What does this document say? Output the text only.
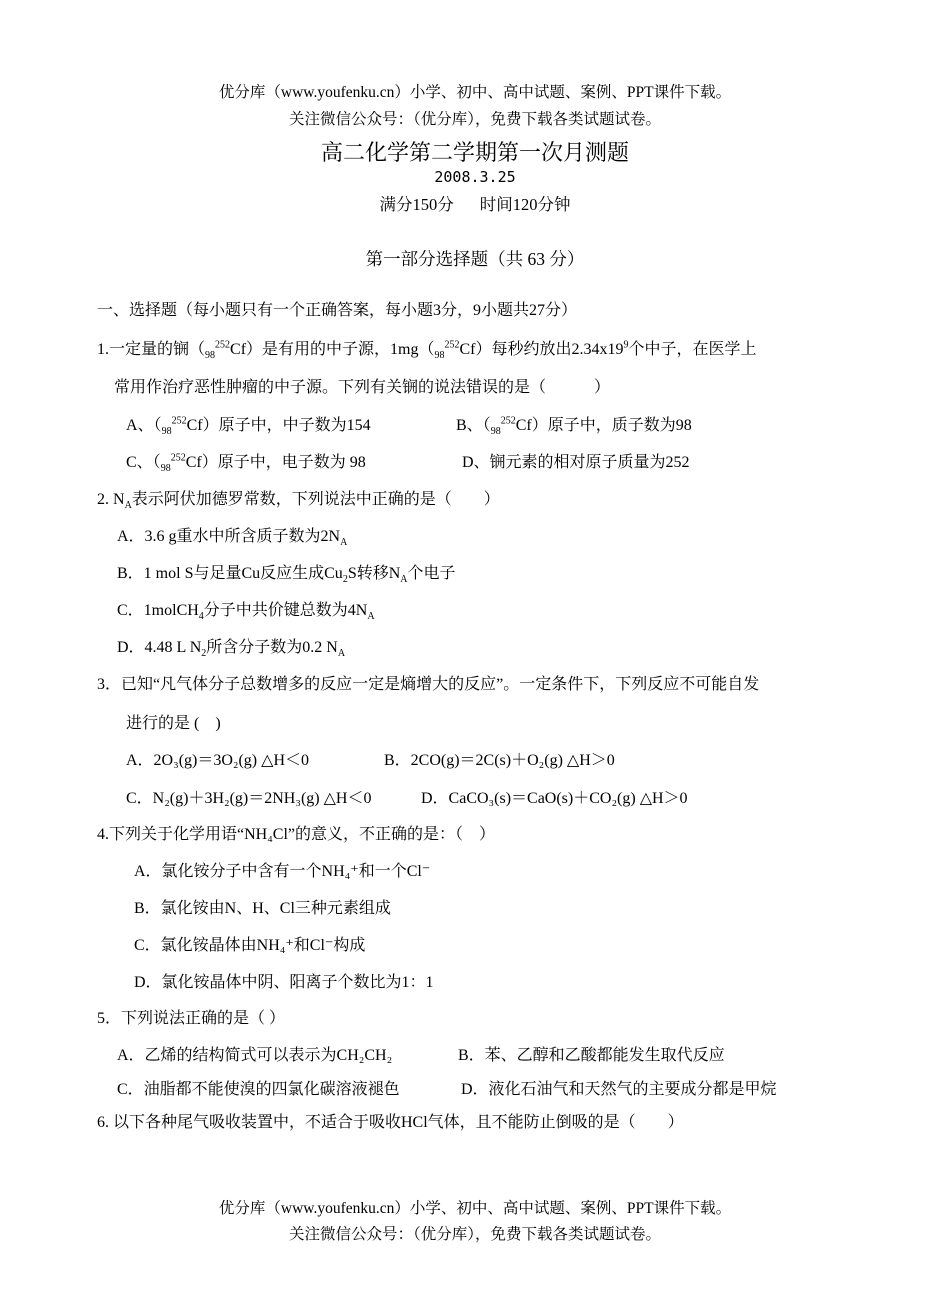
优分库（www.youfenku.cn）小学、初中、高中试题、案例、PPT课件下载。
关注微信公众号：（优分库），免费下载各类试题试卷。
高二化学第二学期第一次月测题
2008.3.25
满分150分 时间120分钟
第一部分选择题（共 63 分）
一、选择题（每小题只有一个正确答案，每小题3分，9小题共27分）
1.一定量的锎$(_{98}^{252}Cf)$是有用的中子源，$1mg(_{98}^{252}Cf)$每秒约放出$2.34x19^9$个中子，在医学上
常用作治疗恶性肿瘤的中子源。下列有关锎的说法错误的是（　　　）
A、$(_{98}^{252}Cf)$原子中，中子数为154	B、$(_{98}^{252}Cf)$原子中，质子数为98
C、$(_{98}^{252}Cf)$原子中，电子数为 98	D、锎元素的相对原子质量为252
2. $N_A$表示阿伏加德罗常数，下列说法中正确的是（　　）
A．3.6 g重水中所含质子数为$2N_A$
B．1 mol S与足量Cu反应生成$Cu_2S$转移$N_A$个电子
C．1molCH$_4$分子中共价键总数为$4N_A$
D．4.48 L $N_2$所含分子数为0.2 $N_A$
3．已知“凡气体分子总数增多的反应一定是熵增大的反应”。一定条件下，下列反应不可能自发
进行的是 (　)
A．2O₃(g)＝3O₂(g) △H＜0	B．2CO(g)＝2C(s)＋O₂(g) △H＞0
C．N₂(g)＋3H₂(g)＝2NH₃(g) △H＜0	D．CaCO₃(s)＝CaO(s)＋CO₂(g) △H＞0
4.下列关于化学用语“NH₄Cl”的意义，不正确的是：（　）
A．氯化铵分子中含有一个NH₄⁺和一个Cl⁻
B．氯化铵由N、H、Cl三种元素组成
C．氯化铵晶体由NH₄⁺和Cl⁻构成
D．氯化铵晶体中阴、阳离子个数比为1：1
5．下列说法正确的是（ ）
A．乙烯的结构简式可以表示为CH₂CH₂	B．苯、乙醇和乙酸都能发生取代反应
C．油脂都不能使溴的四氯化碳溶液褪色	D．液化石油气和天然气的主要成分都是甲烷
6. 以下各种尾气吸收装置中，不适合于吸收HCl气体，且不能防止倒吸的是（　　）
优分库（www.youfenku.cn）小学、初中、高中试题、案例、PPT课件下载。
关注微信公众号：（优分库），免费下载各类试题试卷。
